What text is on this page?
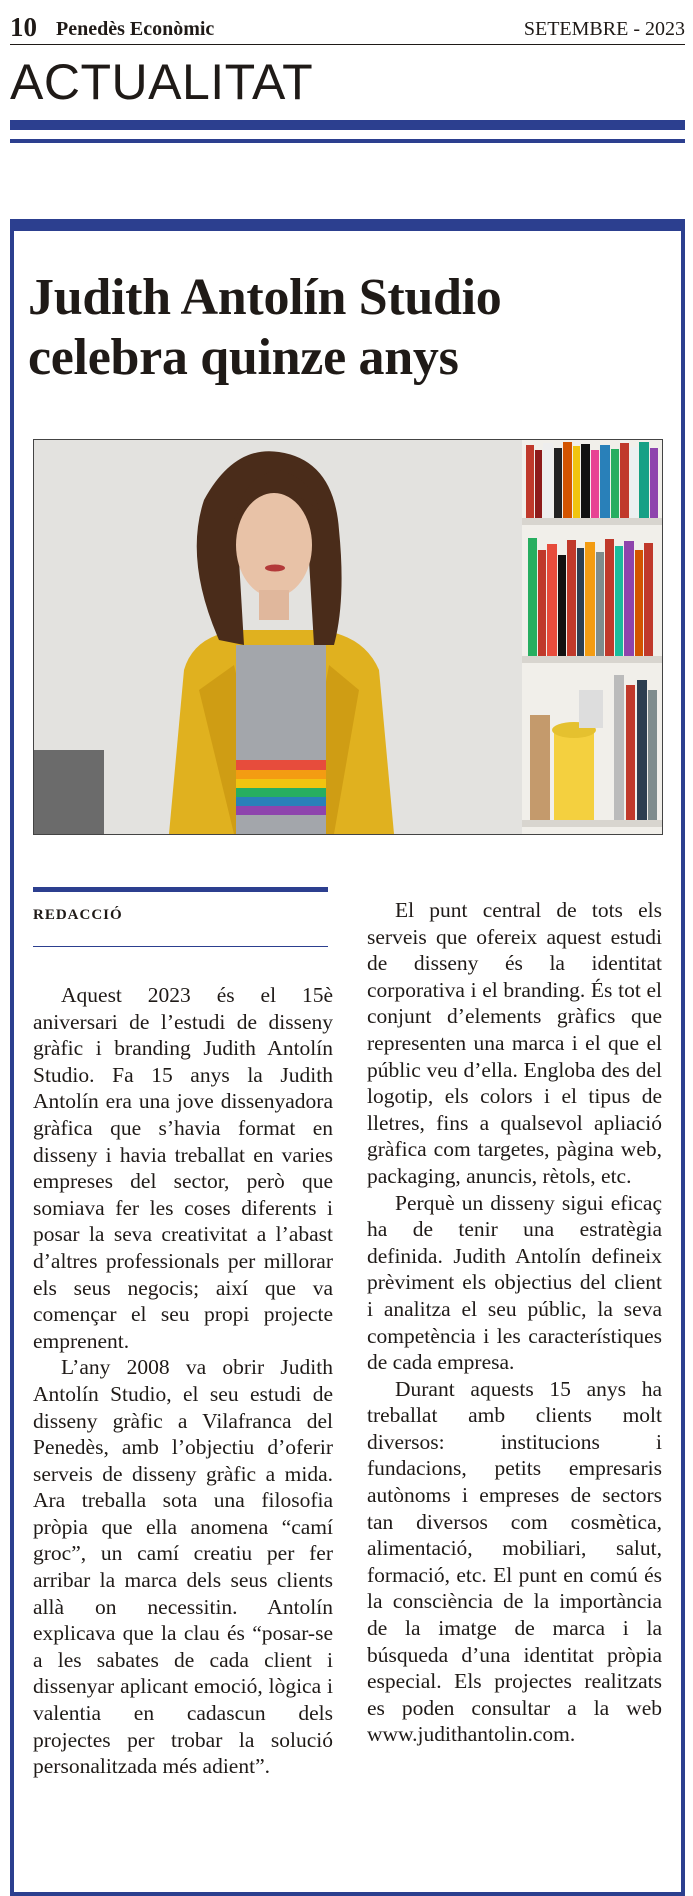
10 Penedès Econòmic	SETEMBRE - 2023
ACTUALITAT
Judith Antolín Studio celebra quinze anys
REDACCIÓ

Aquest 2023 és el 15è aniversari de l’estudi de disseny gràfic i branding Judith Antolín Studio. Fa 15 anys la Judith Antolín era una jove dissenyadora gràfica que s’havia format en disseny i havia treballat en varies empreses del sector, però que somiava fer les coses diferents i posar la seva creativitat a l’abast d’altres professionals per millorar els seus negocis; així que va començar el seu propi projecte emprenent.

L’any 2008 va obrir Judith Antolín Studio, el seu estudi de disseny gràfic a Vilafranca del Penedès, amb l’objectiu d’oferir serveis de disseny gràfic a mida. Ara treballa sota una filosofia pròpia que ella anomena “camí groc”, un camí creatiu per fer arribar la marca dels seus clients allà on necessitin. Antolín explicava que la clau és “posar-se a les sabates de cada client i dissenyar aplicant emoció, lògica i valentia en cadascun dels projectes per trobar la solució personalitzada més adient”.

El punt central de tots els serveis que ofereix aquest estudi de disseny és la identitat corporativa i el branding. És tot el conjunt d’elements gràfics que representen una marca i el que el públic veu d’ella. Engloba des del logotip, els colors i el tipus de lletres, fins a qualsevol apliació gràfica com targetes, pàgina web, packaging, anuncis, rètols, etc.

Perquè un disseny sigui eficaç ha de tenir una estratègia definida. Judith Antolín defineix prèviment els objectius del client i analitza el seu públic, la seva competència i les característiques de cada empresa.

Durant aquests 15 anys ha treballat amb clients molt diversos: institucions i fundacions, petits empresaris autònoms i empreses de sectors tan diversos com cosmètica, alimentació, mobiliari, salut, formació, etc. El punt en comú és la consciència de la importància de la imatge de marca i la búsqueda d’una identitat pròpia especial. Els projectes realitzats es poden consultar a la web www.judithantolin.com.
